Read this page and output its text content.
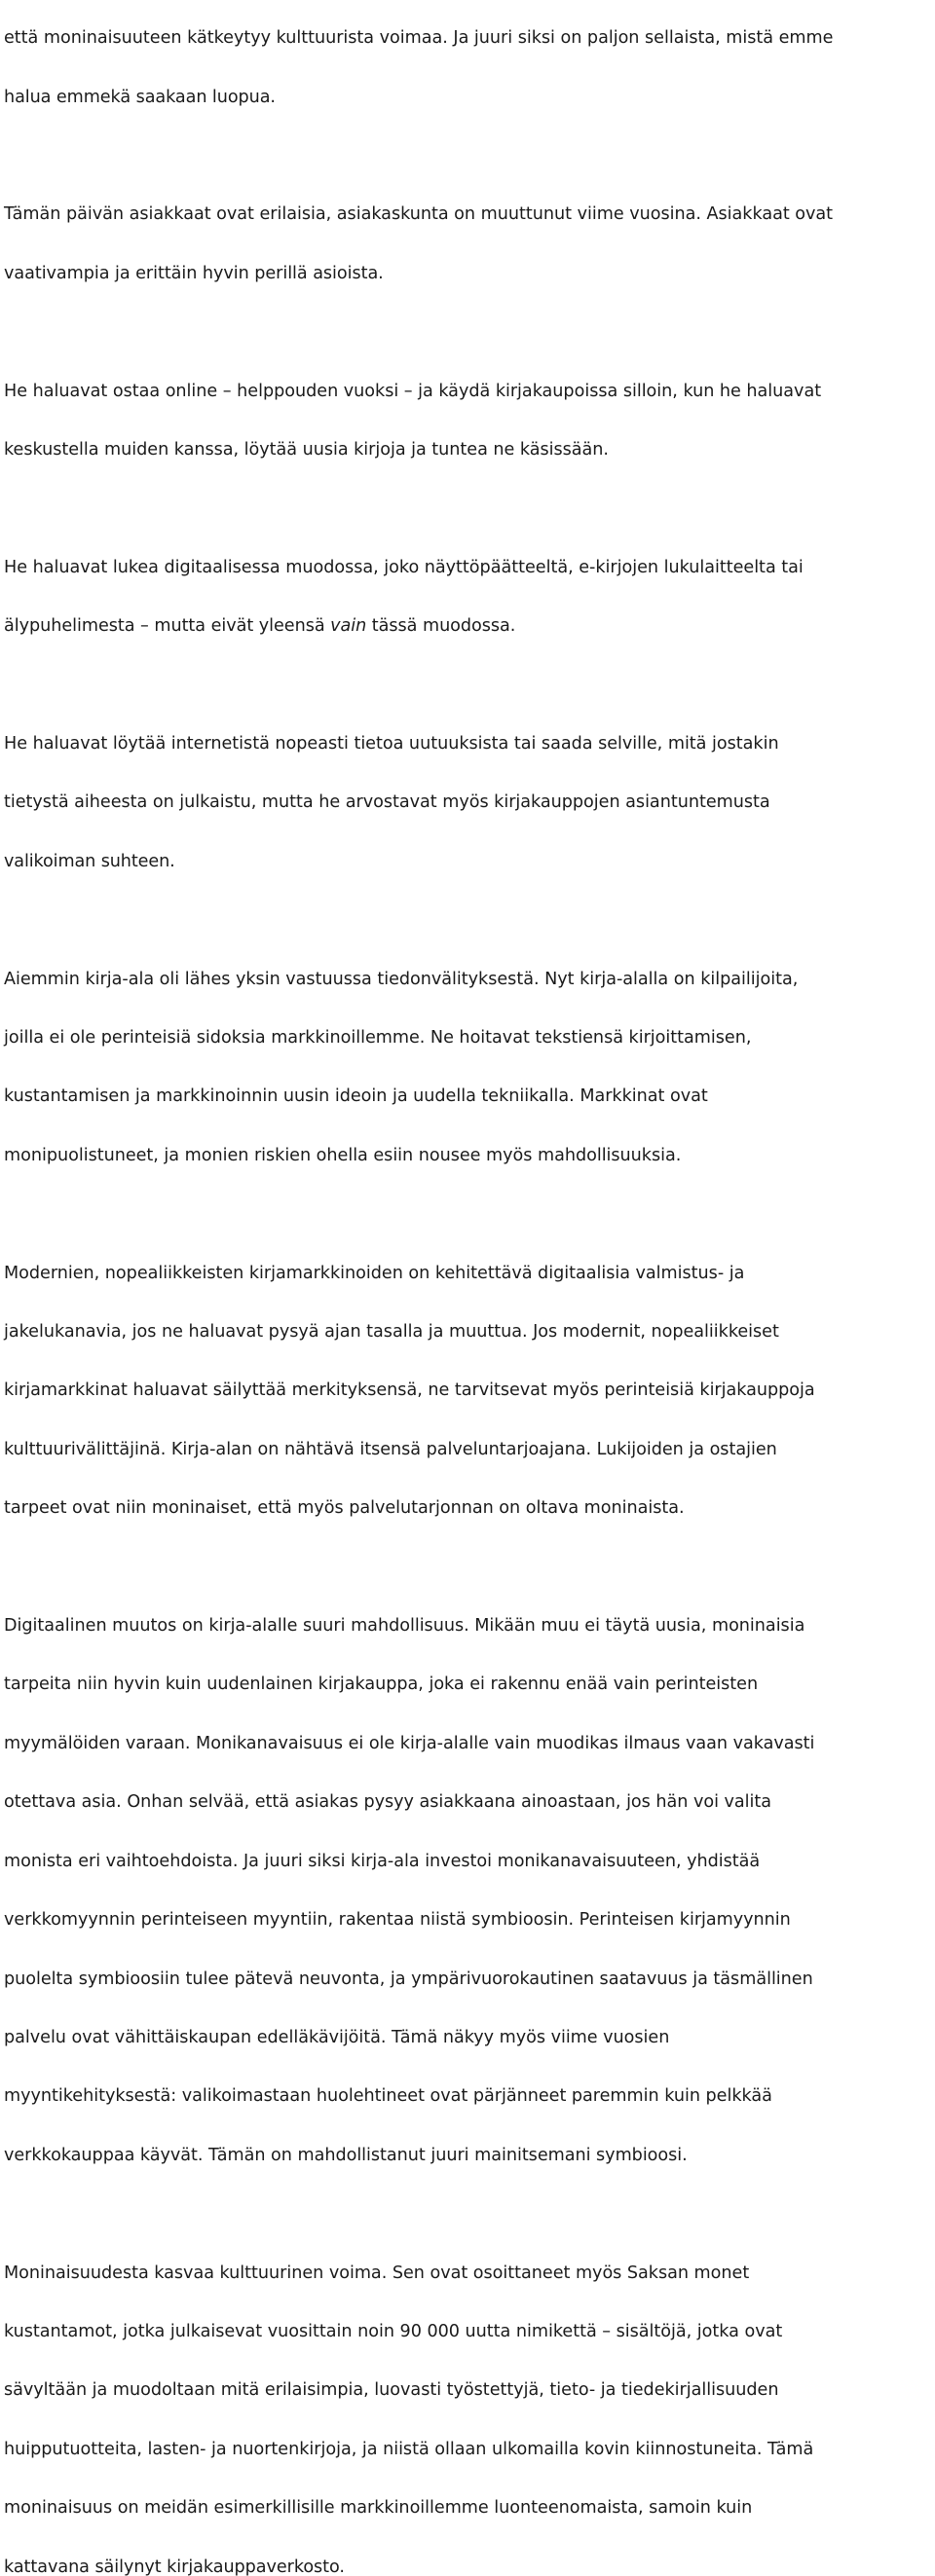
että moninaisuuteen kätkeytyy kulttuurista voimaa. Ja juuri siksi on paljon sellaista, mistä emme

halua emmekä saakaan luopua.

Tämän päivän asiakkaat ovat erilaisia, asiakaskunta on muuttunut viime vuosina. Asiakkaat ovat

vaativampia ja erittäin hyvin perillä asioista.

He haluavat ostaa online – helppouden vuoksi – ja käydä kirjakaupoissa silloin, kun he haluavat

keskustella muiden kanssa, löytää uusia kirjoja ja tuntea ne käsissään.

He haluavat lukea digitaalisessa muodossa, joko näyttöpäätteeltä, e-kirjojen lukulaitteelta tai

älypuhelimesta – mutta eivät yleensä vain tässä muodossa.

He haluavat löytää internetistä nopeasti tietoa uutuuksista tai saada selville, mitä jostakin

tietystä aiheesta on julkaistu, mutta he arvostavat myös kirjakauppojen asiantuntemusta

valikoiman suhteen.

Aiemmin kirja-ala oli lähes yksin vastuussa tiedonvälityksestä. Nyt kirja-alalla on kilpailijoita,

joilla ei ole perinteisiä sidoksia markkinoillemme. Ne hoitavat tekstiensä kirjoittamisen,

kustantamisen ja markkinoinnin uusin ideoin ja uudella tekniikalla. Markkinat ovat

monipuolistuneet, ja monien riskien ohella esiin nousee myös mahdollisuuksia.

Modernien, nopealiikkeisten kirjamarkkinoiden on kehitettävä digitaalisia valmistus- ja

jakelukanavia, jos ne haluavat pysyä ajan tasalla ja muuttua. Jos modernit, nopealiikkeiset

kirjamarkkinat haluavat säilyttää merkityksensä, ne tarvitsevat myös perinteisiä kirjakauppoja

kulttuurivälittäjinä. Kirja-alan on nähtävä itsensä palveluntarjoajana. Lukijoiden ja ostajien

tarpeet ovat niin moninaiset, että myös palvelutarjonnan on oltava moninaista.

Digitaalinen muutos on kirja-alalle suuri mahdollisuus. Mikään muu ei täytä uusia, moninaisia

tarpeita niin hyvin kuin uudenlainen kirjakauppa, joka ei rakennu enää vain perinteisten

myymälöiden varaan. Monikanavaisuus ei ole kirja-alalle vain muodikas ilmaus vaan vakavasti

otettava asia. Onhan selvää, että asiakas pysyy asiakkaana ainoastaan, jos hän voi valita

monista eri vaihtoehdoista. Ja juuri siksi kirja-ala investoi monikanavaisuuteen, yhdistää

verkkomyynnin perinteiseen myyntiin, rakentaa niistä symbioosin. Perinteisen kirjamyynnin

puolelta symbioosiin tulee pätevä neuvonta, ja ympärivuorokautinen saatavuus ja täsmällinen

palvelu ovat vähittäiskaupan edelläkävijöitä. Tämä näkyy myös viime vuosien

myyntikehityksestä: valikoimastaan huolehtineet ovat pärjänneet paremmin kuin pelkkää

verkkokauppaa käyvät. Tämän on mahdollistanut juuri mainitsemani symbioosi.

Moninaisuudesta kasvaa kulttuurinen voima. Sen ovat osoittaneet myös Saksan monet

kustantamot, jotka julkaisevat vuosittain noin 90 000 uutta nimikettä – sisältöjä, jotka ovat

sävyltään ja muodoltaan mitä erilaisimpia, luovasti työstettyjä, tieto- ja tiedekirjallisuuden

huipputuotteita, lasten- ja nuortenkirjoja, ja niistä ollaan ulkomailla kovin kiinnostuneita. Tämä

moninaisuus on meidän esimerkillisille markkinoillemme luonteenomaista, samoin kuin

kattavana säilynyt kirjakauppaverkosto.
